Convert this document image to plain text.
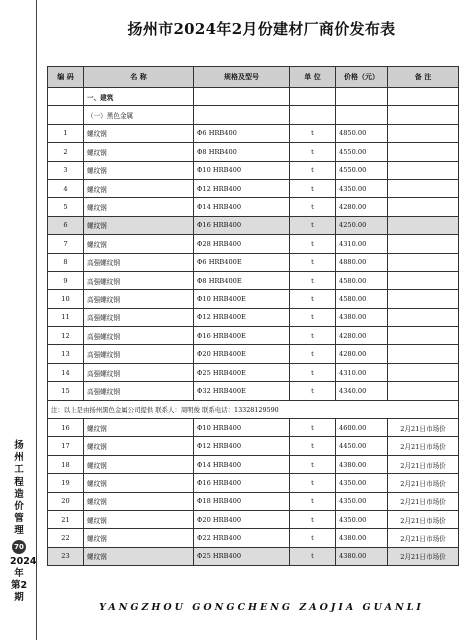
扬州工程造价管理
70
2024年第2期
扬州市2024年2月份建材厂商价发布表
编 码	名 称	规格及型号	单 位	价格（元）	备 注
	一、建筑				
	（一）黑色金属				
1	螺纹钢	Φ6 HRB400	t	4850.00	
2	螺纹钢	Φ8 HRB400	t	4550.00	
3	螺纹钢	Φ10 HRB400	t	4550.00	
4	螺纹钢	Φ12 HRB400	t	4350.00	
5	螺纹钢	Φ14 HRB400	t	4280.00	
6	螺纹钢	Φ16 HRB400	t	4250.00	
7	螺纹钢	Φ28 HRB400	t	4310.00	
8	高强螺纹钢	Φ6 HRB400E	t	4880.00	
9	高强螺纹钢	Φ8 HRB400E	t	4580.00	
10	高强螺纹钢	Φ10 HRB400E	t	4580.00	
11	高强螺纹钢	Φ12 HRB400E	t	4380.00	
12	高强螺纹钢	Φ16 HRB400E	t	4280.00	
13	高强螺纹钢	Φ20 HRB400E	t	4280.00	
14	高强螺纹钢	Φ25 HRB400E	t	4310.00	
15	高强螺纹钢	Φ32 HRB400E	t	4340.00	
注：以上是由扬州黑色金属公司提供 联系人：周明俊 联系电话：13328129590					
16	螺纹钢	Φ10 HRB400	t	4600.00	2月21日市场价
17	螺纹钢	Φ12 HRB400	t	4450.00	2月21日市场价
18	螺纹钢	Φ14 HRB400	t	4380.00	2月21日市场价
19	螺纹钢	Φ16 HRB400	t	4350.00	2月21日市场价
20	螺纹钢	Φ18 HRB400	t	4350.00	2月21日市场价
21	螺纹钢	Φ20 HRB400	t	4350.00	2月21日市场价
22	螺纹钢	Φ22 HRB400	t	4380.00	2月21日市场价
23	螺纹钢	Φ25 HRB400	t	4380.00	2月21日市场价
YANGZHOU GONGCHENG ZAOJIA GUANLI
